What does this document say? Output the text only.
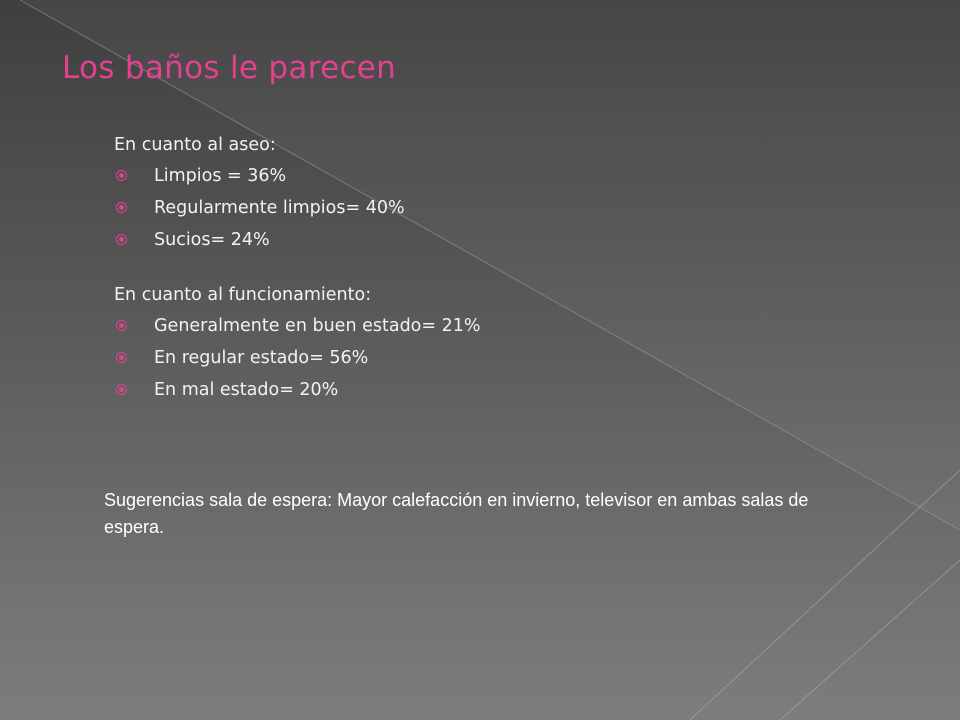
Los baños le parecen
En cuanto al aseo:
Limpios = 36%
Regularmente limpios= 40%
Sucios= 24%
En cuanto al funcionamiento:
Generalmente en buen estado= 21%
En regular estado= 56%
En mal estado= 20%

Sugerencias sala de espera: Mayor calefacción en invierno, televisor en ambas salas de espera.
